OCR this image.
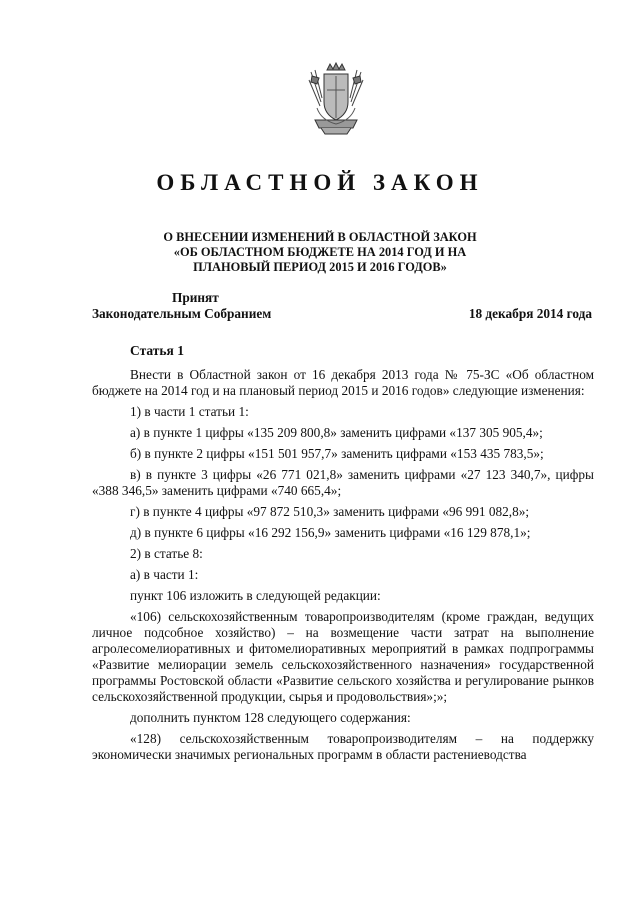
ОБЛАСТНОЙ ЗАКОН
О ВНЕСЕНИИ ИЗМЕНЕНИЙ В ОБЛАСТНОЙ ЗАКОН
«ОБ ОБЛАСТНОМ БЮДЖЕТЕ НА 2014 ГОД И НА
ПЛАНОВЫЙ ПЕРИОД 2015 И 2016 ГОДОВ»
Принят
Законодательным Собранием	18 декабря 2014 года
Статья 1

Внести в Областной закон от 16 декабря 2013 года № 75-ЗС «Об областном бюджете на 2014 год и на плановый период 2015 и 2016 годов» следующие изменения:

1) в части 1 статьи 1:

а) в пункте 1 цифры «135 209 800,8» заменить цифрами «137 305 905,4»;

б) в пункте 2 цифры «151 501 957,7» заменить цифрами «153 435 783,5»;

в) в пункте 3 цифры «26 771 021,8» заменить цифрами «27 123 340,7», цифры «388 346,5» заменить цифрами «740 665,4»;

г) в пункте 4 цифры «97 872 510,3» заменить цифрами «96 991 082,8»;

д) в пункте 6 цифры «16 292 156,9» заменить цифрами «16 129 878,1»;

2) в статье 8:

а) в части 1:

пункт 106 изложить в следующей редакции:

«106) сельскохозяйственным товаропроизводителям (кроме граждан, ведущих личное подсобное хозяйство) – на возмещение части затрат на выполнение агролесомелиоративных и фитомелиоративных мероприятий в рамках подпрограммы «Развитие мелиорации земель сельскохозяйственного назначения» государственной программы Ростовской области «Развитие сельского хозяйства и регулирование рынков сельскохозяйственной продукции, сырья и продовольствия»;»;

дополнить пунктом 128 следующего содержания:

«128) сельскохозяйственным товаропроизводителям – на поддержку экономически значимых региональных программ в области растениеводства
